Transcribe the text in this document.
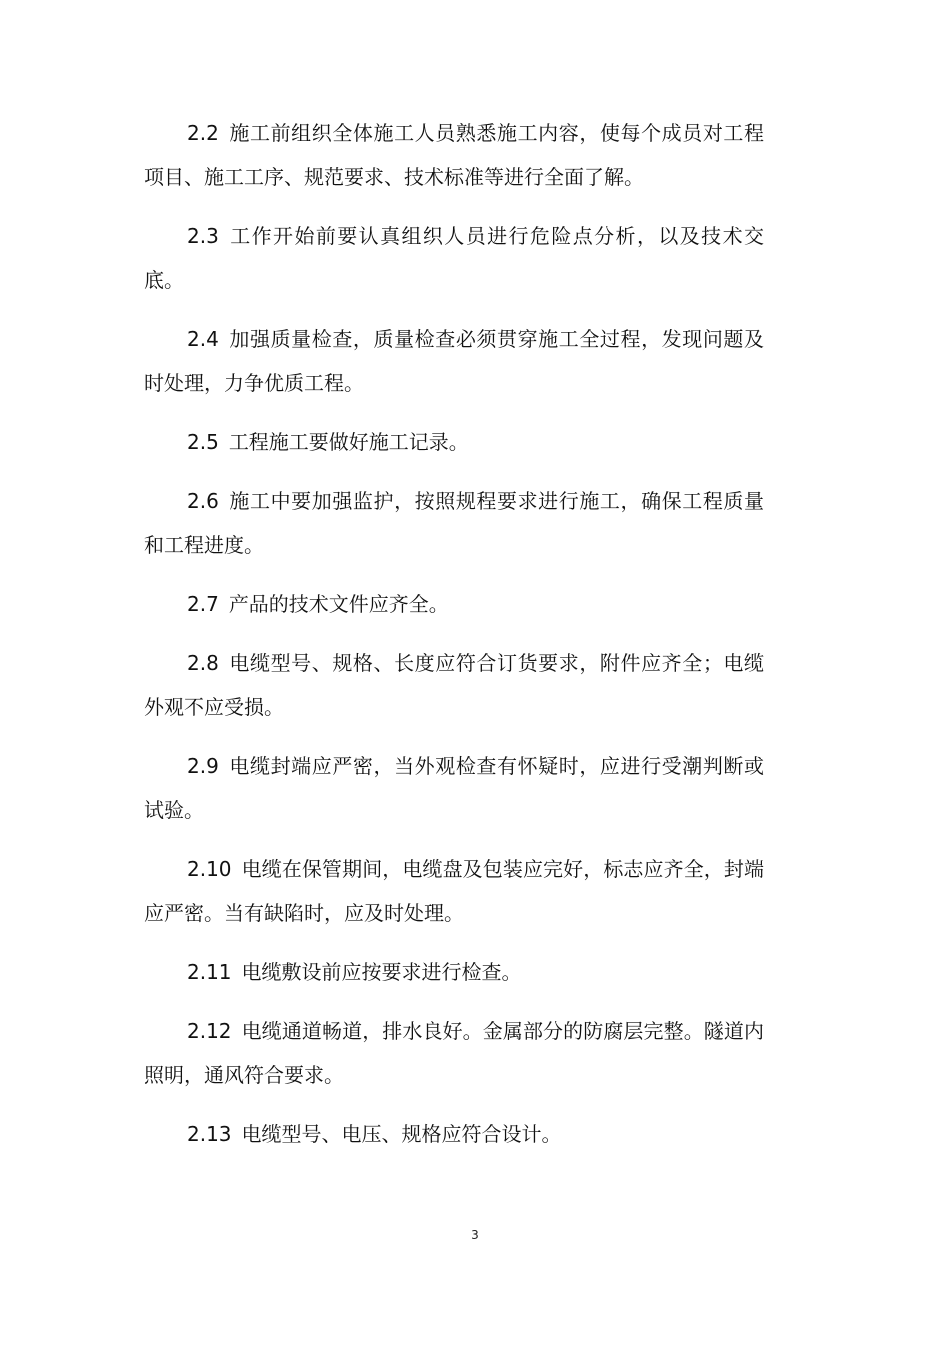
2.2 施工前组织全体施工人员熟悉施工内容，使每个成员对工程项目、施工工序、规范要求、技术标准等进行全面了解。

2.3 工作开始前要认真组织人员进行危险点分析，以及技术交底。

2.4 加强质量检查，质量检查必须贯穿施工全过程，发现问题及时处理，力争优质工程。

2.5 工程施工要做好施工记录。

2.6 施工中要加强监护，按照规程要求进行施工，确保工程质量和工程进度。

2.7 产品的技术文件应齐全。

2.8 电缆型号、规格、长度应符合订货要求，附件应齐全；电缆外观不应受损。

2.9 电缆封端应严密，当外观检查有怀疑时，应进行受潮判断或试验。

2.10 电缆在保管期间，电缆盘及包装应完好，标志应齐全，封端应严密。当有缺陷时，应及时处理。

2.11 电缆敷设前应按要求进行检查。

2.12 电缆通道畅道，排水良好。金属部分的防腐层完整。隧道内照明，通风符合要求。

2.13 电缆型号、电压、规格应符合设计。

3
